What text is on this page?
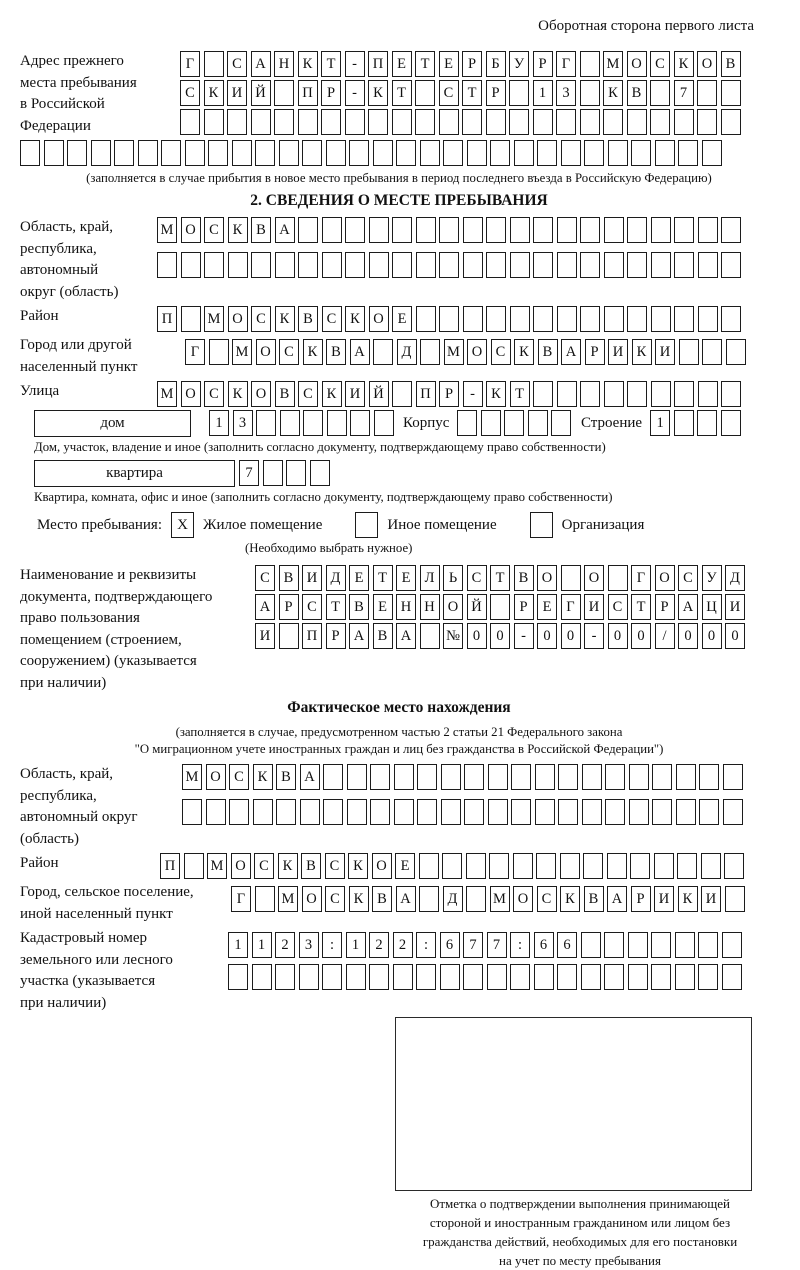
Оборотная сторона первого листа
Адрес прежнего
места пребывания
в Российской
Федерации
Г	С А Н К Т	-	П Е	Т	Е	Р	Б У Р	Г	М О С К О В
С К И Й	П Р	-	К Т	С Т	Р	1	3	К В	7
(заполняется в случае прибытия в новое место пребывания в период последнего въезда в Российскую Федерацию)
2. СВЕДЕНИЯ О МЕСТЕ ПРЕБЫВАНИЯ
Область, край,
республика,
автономный
округ (область)
М О С К В А
Район	П	М О С К В С К О Е
Город или другой
населенный пункт
Г	М О С К В А	Д	М О С К В А Р И К И
Улица	М О С К О В С К И Й	П Р	-	К Т
дом	1	3	Корпус	Строение 1
Дом, участок, владение и иное (заполнить согласно документу, подтверждающему право собственности)
квартира	7
Квартира, комната, офис и иное (заполнить согласно документу, подтверждающему право собственности)
Место пребывания:	X	Жилое помещение	Иное помещение	Организация
(Необходимо выбрать нужное)
Наименование и реквизиты
документа, подтверждающего
право пользования
помещением (строением,
сооружением) (указывается
при наличии)
С В И Д Е	Т	Е Л Ь	С Т В О	О	Г О С У Д
А Р	С Т В Е Н Н О Й	Р	Е	Г И С Т	Р А Ц И
И	П Р А В А	№ 0	0	-	0	0	-	0	0	/	0	0	0
Фактическое место нахождения
(заполняется в случае, предусмотренном частью 2 статьи 21 Федерального закона
"О миграционном учете иностранных граждан и лиц без гражданства в Российской Федерации")
Область, край,
республика,
автономный округ
(область)
М О С К В А
Район	П	М О С К В С К О Е
Город, сельское поселение,
иной населенный пункт
Г	М О С К В А	Д	М О С К В А Р И К И
Кадастровый номер
земельного или лесного
участка (указывается
при наличии)
1	1	2	3	:	1	2	2	:	6	7	7	:	6	6
Отметка о подтверждении выполнения принимающей
стороной и иностранным гражданином или лицом без
гражданства действий, необходимых для его постановки
на учет по месту пребывания
